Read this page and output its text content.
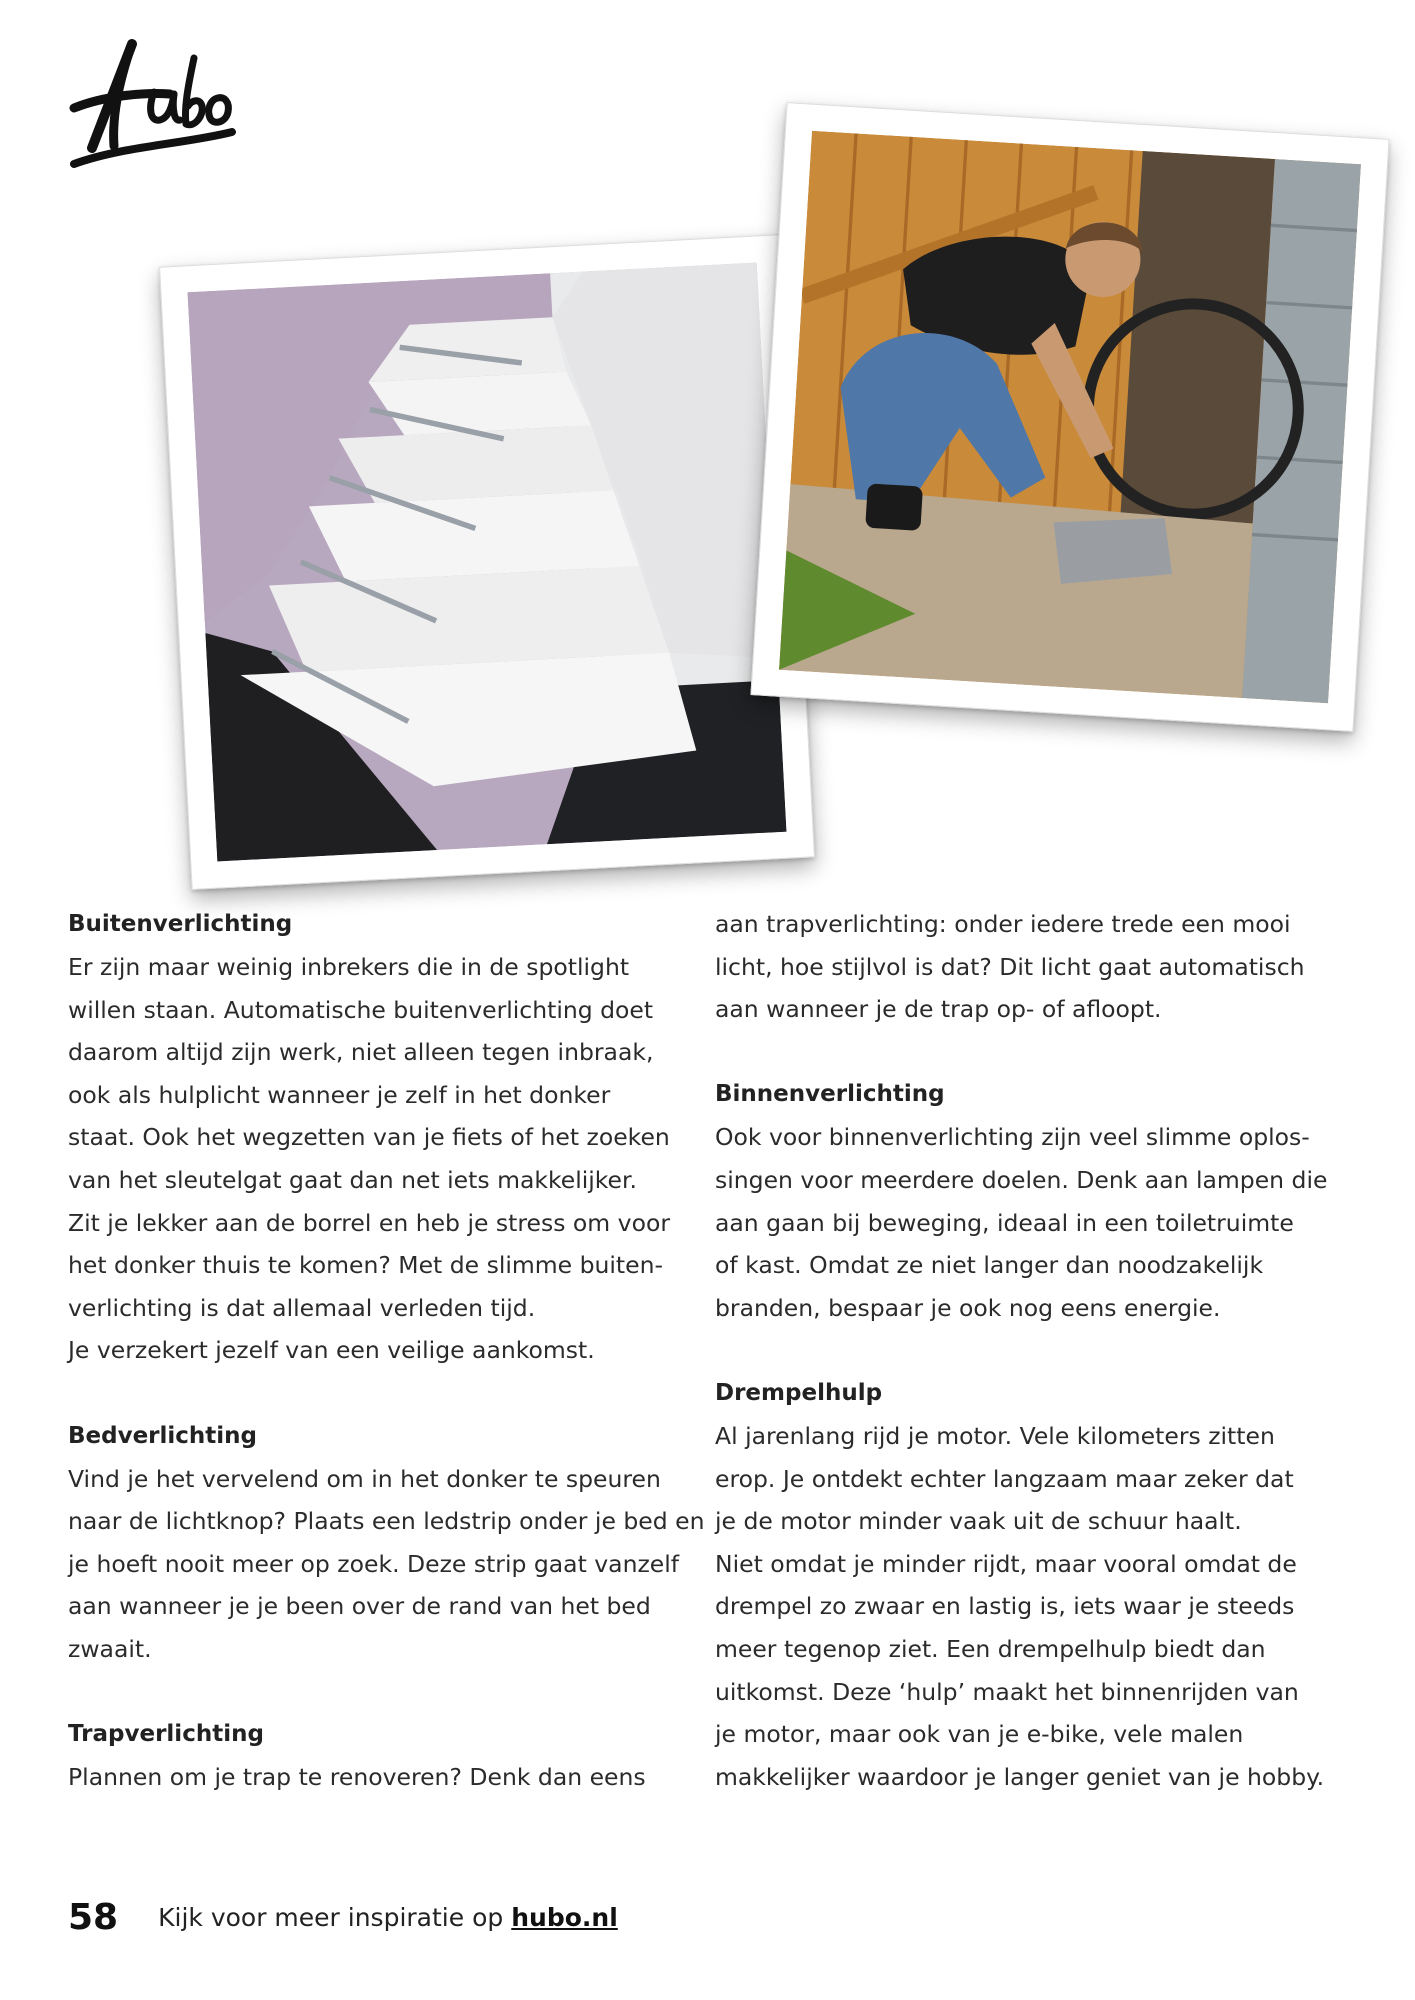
Buitenverlichting

Er zijn maar weinig inbrekers die in de spotlight
willen staan. Automatische buitenverlichting doet
daarom altijd zijn werk, niet alleen tegen inbraak,
ook als hulplicht wanneer je zelf in het donker
staat. Ook het wegzetten van je fiets of het zoeken
van het sleutelgat gaat dan net iets makkelijker.
Zit je lekker aan de borrel en heb je stress om voor
het donker thuis te komen? Met de slimme buiten-
verlichting is dat allemaal verleden tijd.
Je verzekert jezelf van een veilige aankomst.

Bedverlichting

Vind je het vervelend om in het donker te speuren
naar de lichtknop? Plaats een ledstrip onder je bed en
je hoeft nooit meer op zoek. Deze strip gaat vanzelf
aan wanneer je je been over de rand van het bed
zwaait.

Trapverlichting

Plannen om je trap te renoveren? Denk dan eens

aan trapverlichting: onder iedere trede een mooi
licht, hoe stijlvol is dat? Dit licht gaat automatisch
aan wanneer je de trap op- of afloopt.

Binnenverlichting

Ook voor binnenverlichting zijn veel slimme oplos-
singen voor meerdere doelen. Denk aan lampen die
aan gaan bij beweging, ideaal in een toiletruimte
of kast. Omdat ze niet langer dan noodzakelijk
branden, bespaar je ook nog eens energie.

Drempelhulp

Al jarenlang rijd je motor. Vele kilometers zitten
erop. Je ontdekt echter langzaam maar zeker dat
je de motor minder vaak uit de schuur haalt.
Niet omdat je minder rijdt, maar vooral omdat de
drempel zo zwaar en lastig is, iets waar je steeds
meer tegenop ziet. Een drempelhulp biedt dan
uitkomst. Deze ‘hulp’ maakt het binnenrijden van
je motor, maar ook van je e-bike, vele malen
makkelijker waardoor je langer geniet van je hobby.

58 Kijk voor meer inspiratie op hubo.nl
